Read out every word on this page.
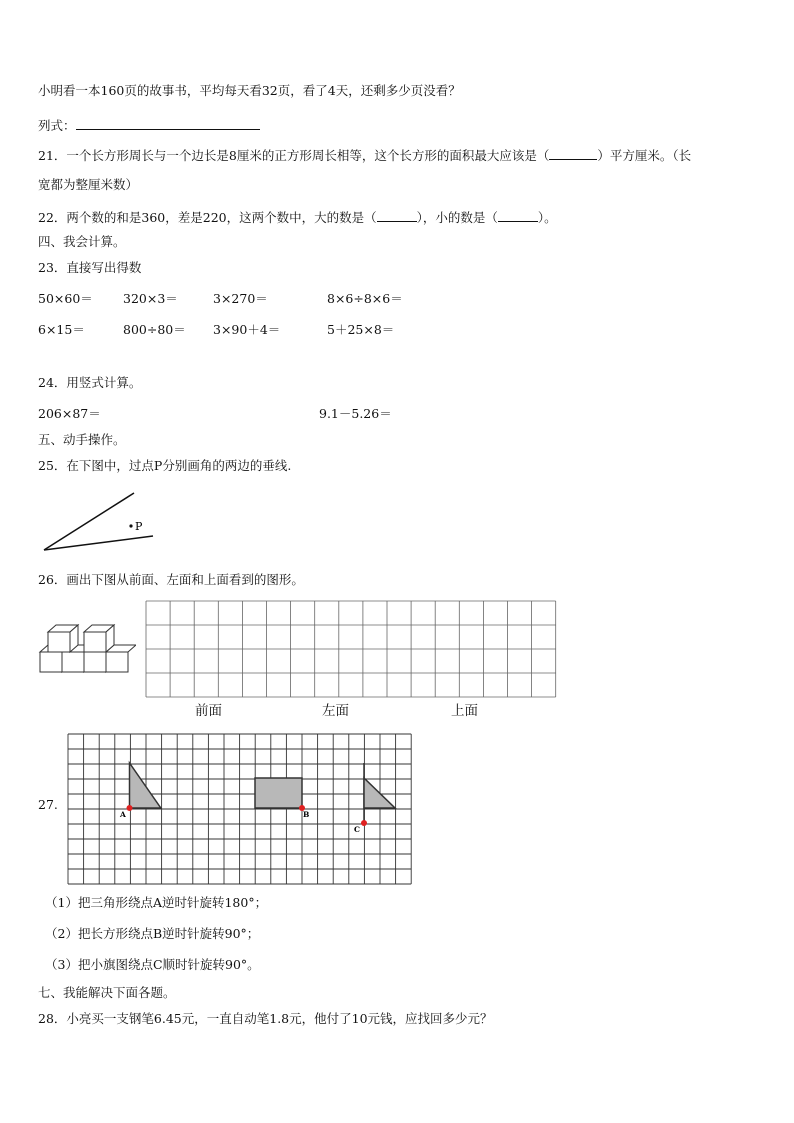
小明看一本160页的故事书，平均每天看32页，看了4天，还剩多少页没看？
列式：
21．一个长方形周长与一个边长是8厘米的正方形周长相等，这个长方形的面积最大应该是（	）平方厘米。（长
宽都为整厘米数）
22．两个数的和是360，差是220，这两个数中，大的数是（	），小的数是（	）。
四、我会计算。
23．直接写出得数
50×60＝ 320×3＝	3×270＝	8×6÷8×6＝
6×15＝	800÷80＝ 3×90＋4＝	5＋25×8＝
24．用竖式计算。
206×87＝	9.1－5.26＝
五、动手操作。
25．在下图中，过点P分别画角的两边的垂线.
P
26．画出下图从前面、左面和上面看到的图形。
前面	左面	上面
27.
A	B
C
（1）把三角形绕点A逆时针旋转180°；
（2）把长方形绕点B逆时针旋转90°；
（3）把小旗图绕点C顺时针旋转90°。
七、我能解决下面各题。
28．小亮买一支钢笔6.45元，一直自动笔1.8元，他付了10元钱，应找回多少元？
